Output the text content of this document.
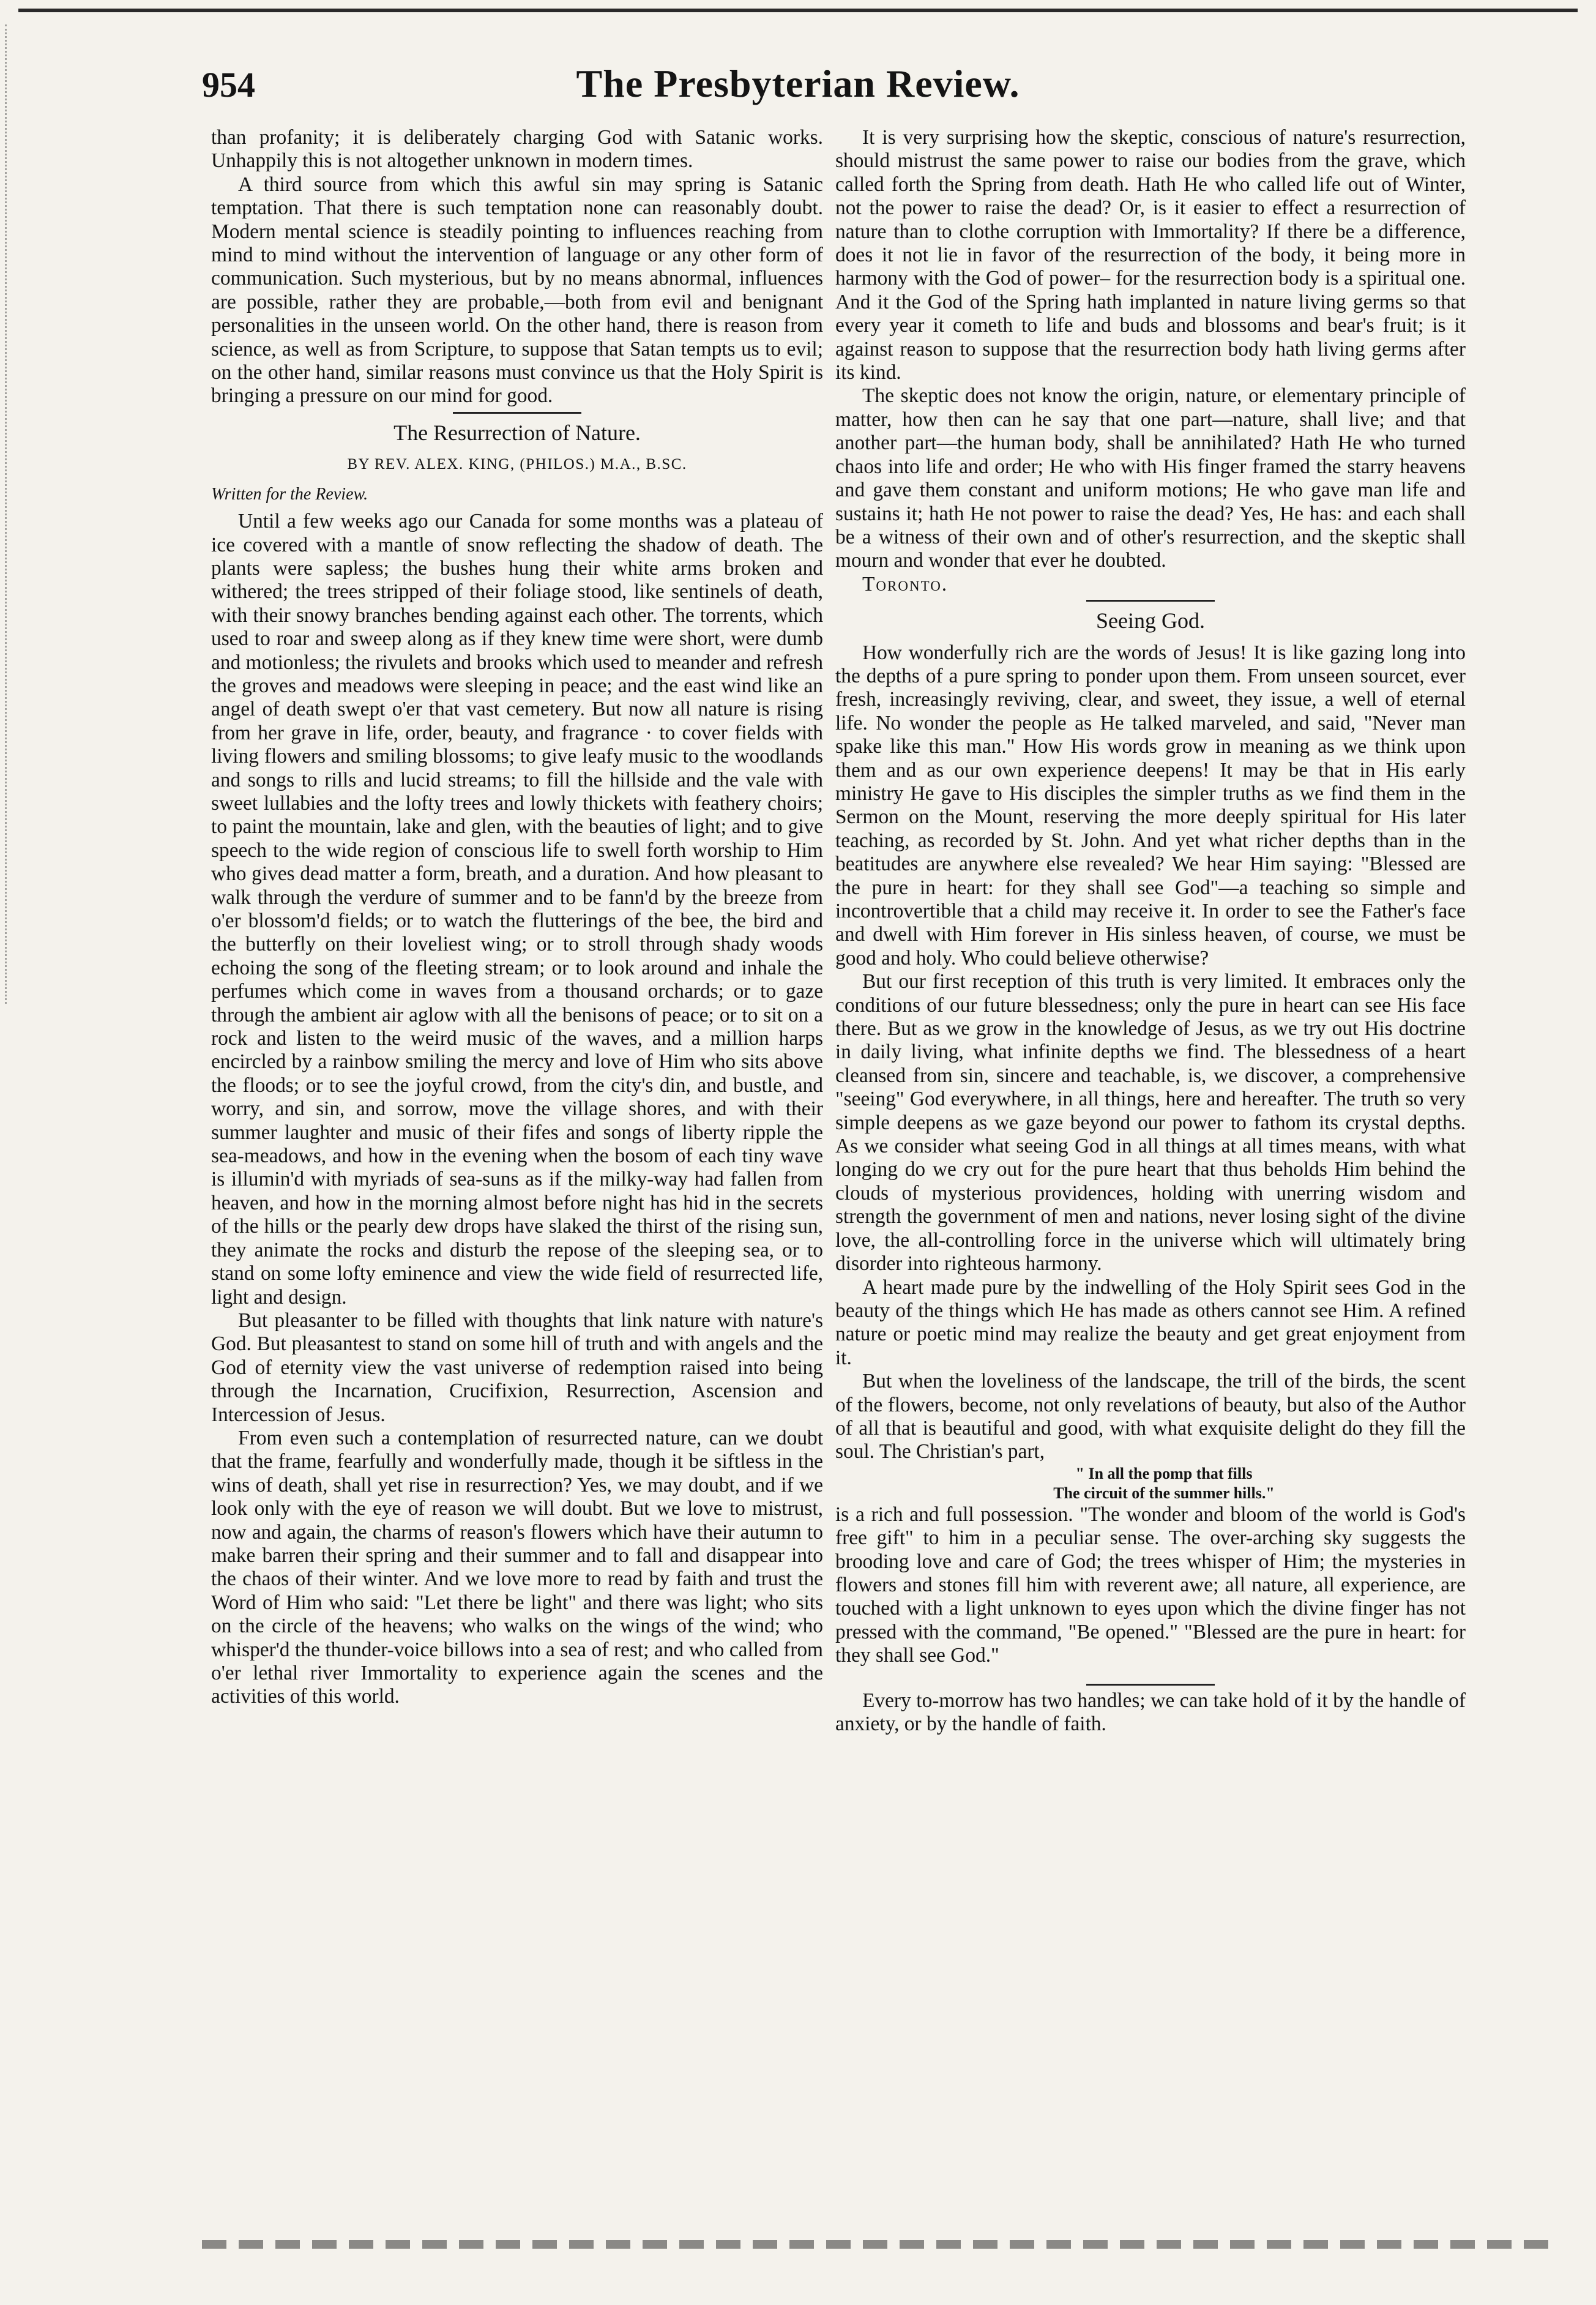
954	The Presbyterian Review.

than profanity; it is deliberately charging God with Satanic works. Unhappily this is not altogether unknown in modern times.

A third source from which this awful sin may spring is Satanic temptation. That there is such temptation none can reasonably doubt. Modern mental science is steadily pointing to influences reaching from mind to mind without the intervention of language or any other form of communication. Such mysterious, but by no means abnormal, influences are possible, rather they are probable,—both from evil and benignant personalities in the unseen world. On the other hand, there is reason from science, as well as from Scripture, to suppose that Satan tempts us to evil; on the other hand, similar reasons must convince us that the Holy Spirit is bringing a pressure on our mind for good.

The Resurrection of Nature.
BY REV. ALEX. KING, (PHILOS.) M.A., B.SC.
Written for the Review.

Until a few weeks ago our Canada for some months was a plateau of ice covered with a mantle of snow reflecting the shadow of death. The plants were sapless; the bushes hung their white arms broken and withered; the trees stripped of their foliage stood, like sentinels of death, with their snowy branches bending against each other. The torrents, which used to roar and sweep along as if they knew time were short, were dumb and motionless; the rivulets and brooks which used to meander and refresh the groves and meadows were sleeping in peace; and the east wind like an angel of death swept o'er that vast cemetery. But now all nature is rising from her grave in life, order, beauty, and fragrance · to cover fields with living flowers and smiling blossoms; to give leafy music to the woodlands and songs to rills and lucid streams; to fill the hillside and the vale with sweet lullabies and the lofty trees and lowly thickets with feathery choirs; to paint the mountain, lake and glen, with the beauties of light; and to give speech to the wide region of conscious life to swell forth worship to Him who gives dead matter a form, breath, and a duration. And how pleasant to walk through the verdure of summer and to be fann'd by the breeze from o'er blossom'd fields; or to watch the flutterings of the bee, the bird and the butterfly on their loveliest wing; or to stroll through shady woods echoing the song of the fleeting stream; or to look around and inhale the perfumes which come in waves from a thousand orchards; or to gaze through the ambient air aglow with all the benisons of peace; or to sit on a rock and listen to the weird music of the waves, and a million harps encircled by a rainbow smiling the mercy and love of Him who sits above the floods; or to see the joyful crowd, from the city's din, and bustle, and worry, and sin, and sorrow, move the village shores, and with their summer laughter and music of their fifes and songs of liberty ripple the sea-meadows, and how in the evening when the bosom of each tiny wave is illumin'd with myriads of sea-suns as if the milky-way had fallen from heaven, and how in the morning almost before night has hid in the secrets of the hills or the pearly dew drops have slaked the thirst of the rising sun, they animate the rocks and disturb the repose of the sleeping sea, or to stand on some lofty eminence and view the wide field of resurrected life, light and design.

But pleasanter to be filled with thoughts that link nature with nature's God. But pleasantest to stand on some hill of truth and with angels and the God of eternity view the vast universe of redemption raised into being through the Incarnation, Crucifixion, Resurrection, Ascension and Intercession of Jesus.

From even such a contemplation of resurrected nature, can we doubt that the frame, fearfully and wonderfully made, though it be siftless in the wins of death, shall yet rise in resurrection? Yes, we may doubt, and if we look only with the eye of reason we will doubt. But we love to mistrust, now and again, the charms of reason's flowers which have their autumn to make barren their spring and their summer and to fall and disappear into the chaos of their winter. And we love more to read by faith and trust the Word of Him who said: "Let there be light" and there was light; who sits on the circle of the heavens; who walks on the wings of the wind; who whisper'd the thunder-voice billows into a sea of rest; and who called from o'er lethal river Immortality to experience again the scenes and the activities of this world.

It is very surprising how the skeptic, conscious of nature's resurrection, should mistrust the same power to raise our bodies from the grave, which called forth the Spring from death. Hath He who called life out of Winter, not the power to raise the dead? Or, is it easier to effect a resurrection of nature than to clothe corruption with Immortality? If there be a difference, does it not lie in favor of the resurrection of the body, it being more in harmony with the God of power– for the resurrection body is a spiritual one. And it the God of the Spring hath implanted in nature living germs so that every year it cometh to life and buds and blossoms and bear's fruit; is it against reason to suppose that the resurrection body hath living germs after its kind.

The skeptic does not know the origin, nature, or elementary principle of matter, how then can he say that one part—nature, shall live; and that another part—the human body, shall be annihilated? Hath He who turned chaos into life and order; He who with His finger framed the starry heavens and gave them constant and uniform motions; He who gave man life and sustains it; hath He not power to raise the dead? Yes, He has: and each shall be a witness of their own and of other's resurrection, and the skeptic shall mourn and wonder that ever he doubted.

Toronto.

Seeing God.

How wonderfully rich are the words of Jesus! It is like gazing long into the depths of a pure spring to ponder upon them. From unseen sourcet, ever fresh, increasingly reviving, clear, and sweet, they issue, a well of eternal life. No wonder the people as He talked marveled, and said, "Never man spake like this man." How His words grow in meaning as we think upon them and as our own experience deepens! It may be that in His early ministry He gave to His disciples the simpler truths as we find them in the Sermon on the Mount, reserving the more deeply spiritual for His later teaching, as recorded by St. John. And yet what richer depths than in the beatitudes are anywhere else revealed? We hear Him saying: "Blessed are the pure in heart: for they shall see God"—a teaching so simple and incontrovertible that a child may receive it. In order to see the Father's face and dwell with Him forever in His sinless heaven, of course, we must be good and holy. Who could believe otherwise?

But our first reception of this truth is very limited. It embraces only the conditions of our future blessedness; only the pure in heart can see His face there. But as we grow in the knowledge of Jesus, as we try out His doctrine in daily living, what infinite depths we find. The blessedness of a heart cleansed from sin, sincere and teachable, is, we discover, a comprehensive "seeing" God everywhere, in all things, here and hereafter. The truth so very simple deepens as we gaze beyond our power to fathom its crystal depths. As we consider what seeing God in all things at all times means, with what longing do we cry out for the pure heart that thus beholds Him behind the clouds of mysterious providences, holding with unerring wisdom and strength the government of men and nations, never losing sight of the divine love, the all-controlling force in the universe which will ultimately bring disorder into righteous harmony.

A heart made pure by the indwelling of the Holy Spirit sees God in the beauty of the things which He has made as others cannot see Him. A refined nature or poetic mind may realize the beauty and get great enjoyment from it.

But when the loveliness of the landscape, the trill of the birds, the scent of the flowers, become, not only revelations of beauty, but also of the Author of all that is beautiful and good, with what exquisite delight do they fill the soul. The Christian's part,

" In all the pomp that fills

The circuit of the summer hills."

is a rich and full possession. "The wonder and bloom of the world is God's free gift" to him in a peculiar sense. The over-arching sky suggests the brooding love and care of God; the trees whisper of Him; the mysteries in flowers and stones fill him with reverent awe; all nature, all experience, are touched with a light unknown to eyes upon which the divine finger has not pressed with the command, "Be opened." "Blessed are the pure in heart: for they shall see God."

Every to-morrow has two handles; we can take hold of it by the handle of anxiety, or by the handle of faith.
